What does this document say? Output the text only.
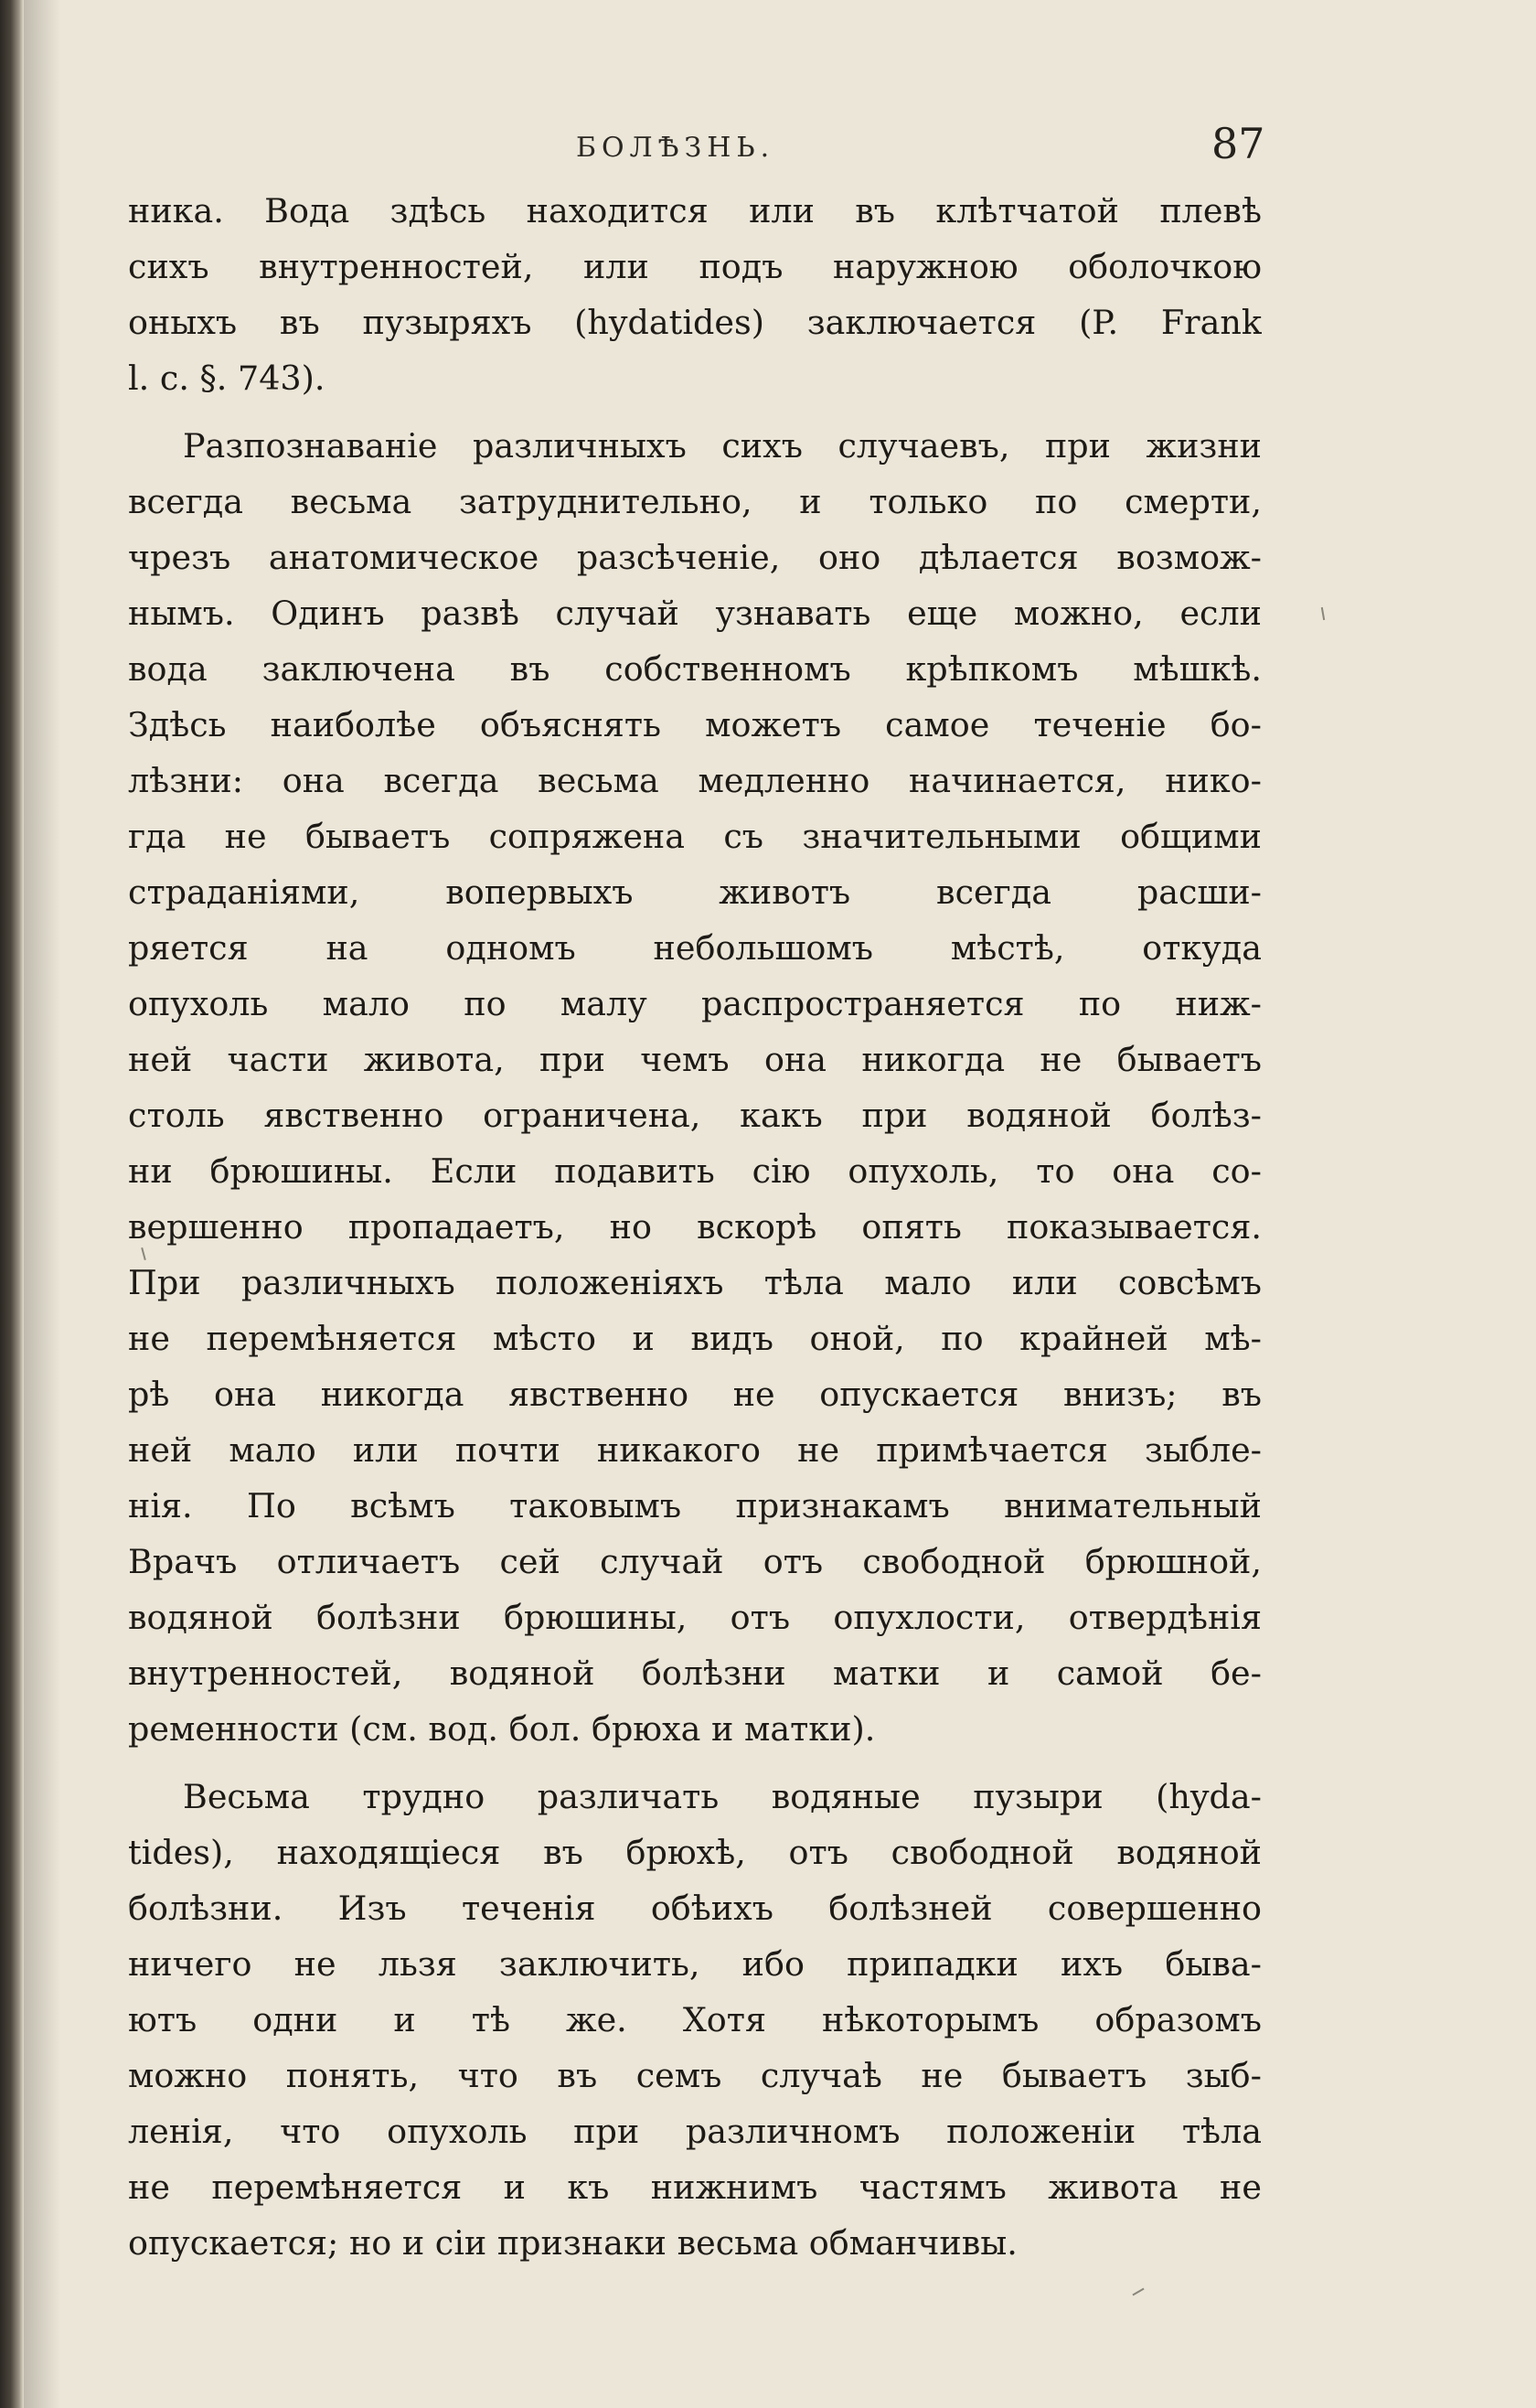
БОЛѢЗНЬ.	87
ника. Вода здѣсь находится или въ клѣтчатой плевѣ
сихъ внутренностей, или подъ наружною оболочкою
оныхъ въ пузыряхъ (hydatides) заключается (P. Frank
l. c. §. 743).
Разпознаванiе различныхъ сихъ случаевъ, при жизни
всегда весьма затруднительно, и только по смерти,
чрезъ анатомическое разсѣченiе, оно дѣлается возмож-
нымъ. Одинъ развѣ случай узнавать еще можно, если
вода заключена въ собственномъ крѣпкомъ мѣшкѣ.
Здѣсь наиболѣе объяснять можетъ самое теченiе бо-
лѣзни: она всегда весьма медленно начинается, нико-
гда не бываетъ сопряжена съ значительными общими
страданiями, вопервыхъ животъ всегда расши-
ряется на одномъ небольшомъ мѣстѣ, откуда
опухоль мало по малу распространяется по ниж-
ней части живота, при чемъ она никогда не бываетъ
столь явственно ограничена, какъ при водяной болѣз-
ни брюшины. Если подавить сiю опухоль, то она со-
вершенно пропадаетъ, но вскорѣ опять показывается.
При различныхъ положенiяхъ тѣла мало или совсѣмъ
не перемѣняется мѣсто и видъ оной, по крайней мѣ-
рѣ она никогда явственно не опускается внизъ; въ
ней мало или почти никакого не примѣчается зыбле-
нiя. По всѣмъ таковымъ признакамъ внимательный
Врачъ отличаетъ сей случай отъ свободной брюшной,
водяной болѣзни брюшины, отъ опухлости, отвердѣнiя
внутренностей, водяной болѣзни матки и самой бе-
ременности (см. вод. бол. брюха и матки).
Весьма трудно различать водяные пузыри (hyda-
tides), находящiеся въ брюхѣ, отъ свободной водяной
болѣзни. Изъ теченiя обѣихъ болѣзней совершенно
ничего не льзя заключить, ибо припадки ихъ быва-
ютъ одни и тѣ же. Хотя нѣкоторымъ образомъ
можно понять, что въ семъ случаѣ не бываетъ зыб-
ленiя, что опухоль при различномъ положенiи тѣла
не перемѣняется и къ нижнимъ частямъ живота не
опускается; но и сiи признаки весьма обманчивы.
